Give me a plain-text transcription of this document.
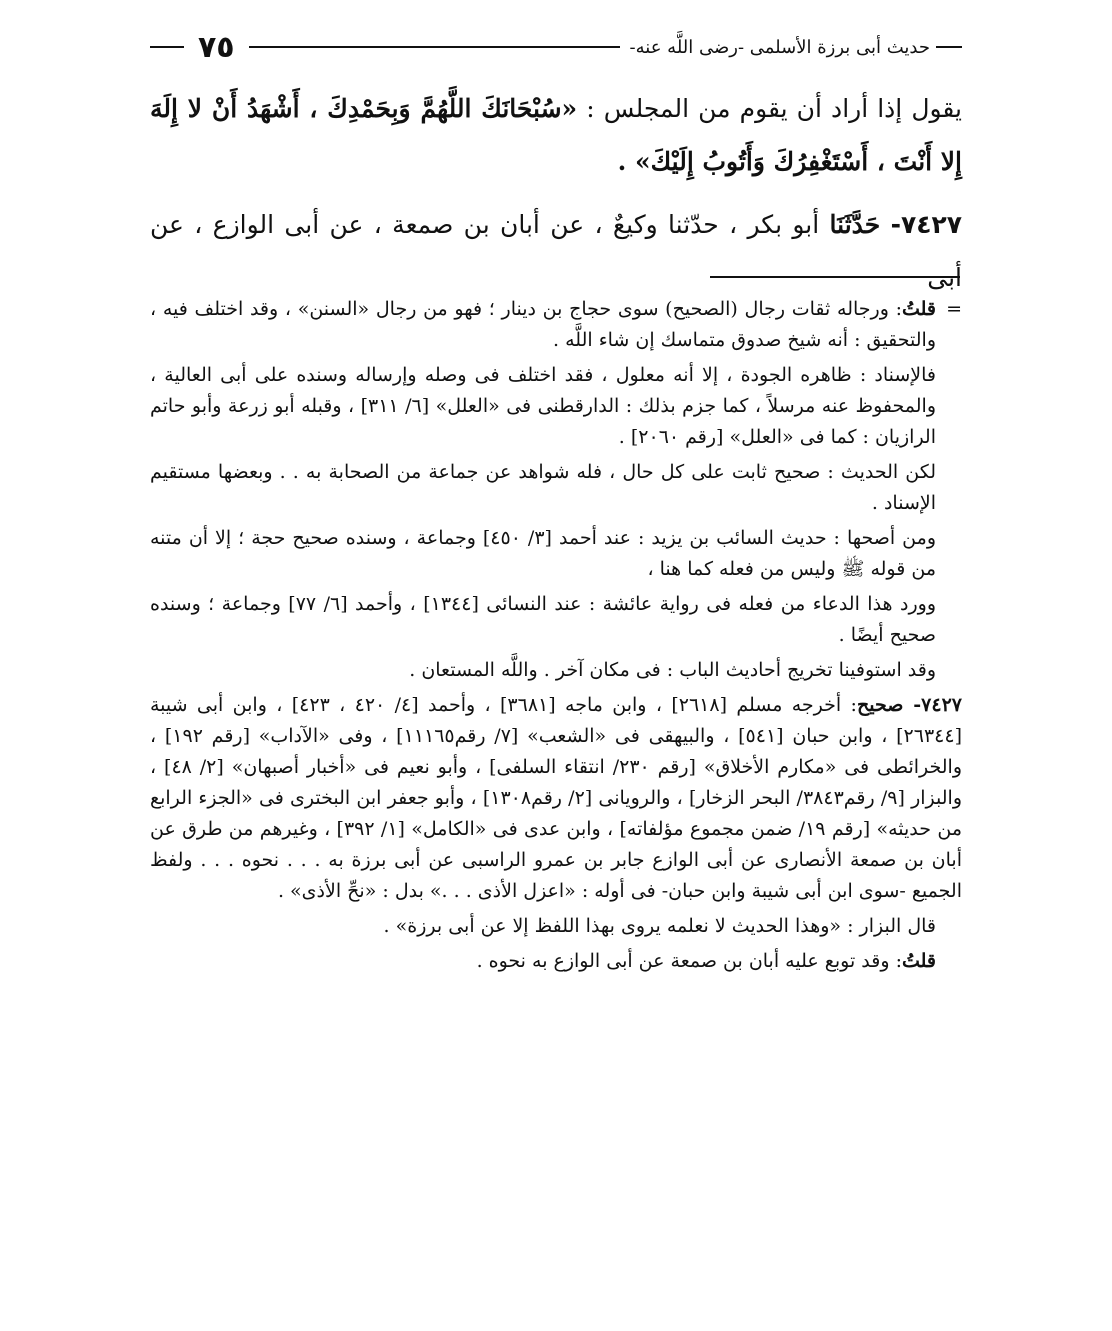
حديث أبى برزة الأسلمى -رضى اللَّه عنه-
٧٥

يقول إذا أراد أن يقوم من المجلس : «سُبْحَانَكَ اللَّهُمَّ وَبِحَمْدِكَ ، أَشْهَدُ أَنْ لا إِلَهَ إِلا أَنْتَ ، أَسْتَغْفِرُكَ وَأَتُوبُ إِلَيْكَ» .

٧٤٢٧- حَدَّثَنَا أبو بكر ، حدّثنا وكيعٌ ، عن أبان بن صمعة ، عن أبى الوازع ، عن أبى

=
قلتُ: ورجاله ثقات رجال (الصحيح) سوى حجاج بن دينار ؛ فهو من رجال «السنن» ، وقد اختلف فيه ، والتحقيق : أنه شيخ صدوق متماسك إن شاء اللَّه .

فالإسناد : ظاهره الجودة ، إلا أنه معلول ، فقد اختلف فى وصله وإرساله وسنده على أبى العالية ، والمحفوظ عنه مرسلاً ، كما جزم بذلك : الدارقطنى فى «العلل» [٦/ ٣١١] ، وقبله أبو زرعة وأبو حاتم الرازيان : كما فى «العلل» [رقم ٢٠٦٠] .

لكن الحديث : صحيح ثابت على كل حال ، فله شواهد عن جماعة من الصحابة به . . وبعضها مستقيم الإسناد .

ومن أصحها : حديث السائب بن يزيد : عند أحمد [٣/ ٤٥٠] وجماعة ، وسنده صحيح حجة ؛ إلا أن متنه من قوله ﷺ وليس من فعله كما هنا ،

وورد هذا الدعاء من فعله فى رواية عائشة : عند النسائى [١٣٤٤] ، وأحمد [٦/ ٧٧] وجماعة ؛ وسنده صحيح أيضًا .

وقد استوفينا تخريج أحاديث الباب : فى مكان آخر . واللَّه المستعان .

٧٤٢٧- صحيح: أخرجه مسلم [٢٦١٨] ، وابن ماجه [٣٦٨١] ، وأحمد [٤/ ٤٢٠ ، ٤٢٣] ، وابن أبى شيبة [٢٦٣٤٤] ، وابن حبان [٥٤١] ، والبيهقى فى «الشعب» [٧/ رقم١١١٦٥] ، وفى «الآداب» [رقم ١٩٢] ، والخرائطى فى «مكارم الأخلاق» [رقم ٢٣٠/ انتقاء السلفى] ، وأبو نعيم فى «أخبار أصبهان» [٢/ ٤٨] ، والبزار [٩/ رقم٣٨٤٣/ البحر الزخار] ، والرويانى [٢/ رقم١٣٠٨] ، وأبو جعفر ابن البخترى فى «الجزء الرابع من حديثه» [رقم ١٩/ ضمن مجموع مؤلفاته] ، وابن عدى فى «الكامل» [١/ ٣٩٢] ، وغيرهم من طرق عن أبان بن صمعة الأنصارى عن أبى الوازع جابر بن عمرو الراسبى عن أبى برزة به . . . نحوه . . . ولفظ الجميع -سوى ابن أبى شيبة وابن حبان- فى أوله : «اعزل الأذى . . .» بدل : «نحِّ الأذى» .

قال البزار : «وهذا الحديث لا نعلمه يروى بهذا اللفظ إلا عن أبى برزة» .

قلتُ: وقد توبع عليه أبان بن صمعة عن أبى الوازع به نحوه .
